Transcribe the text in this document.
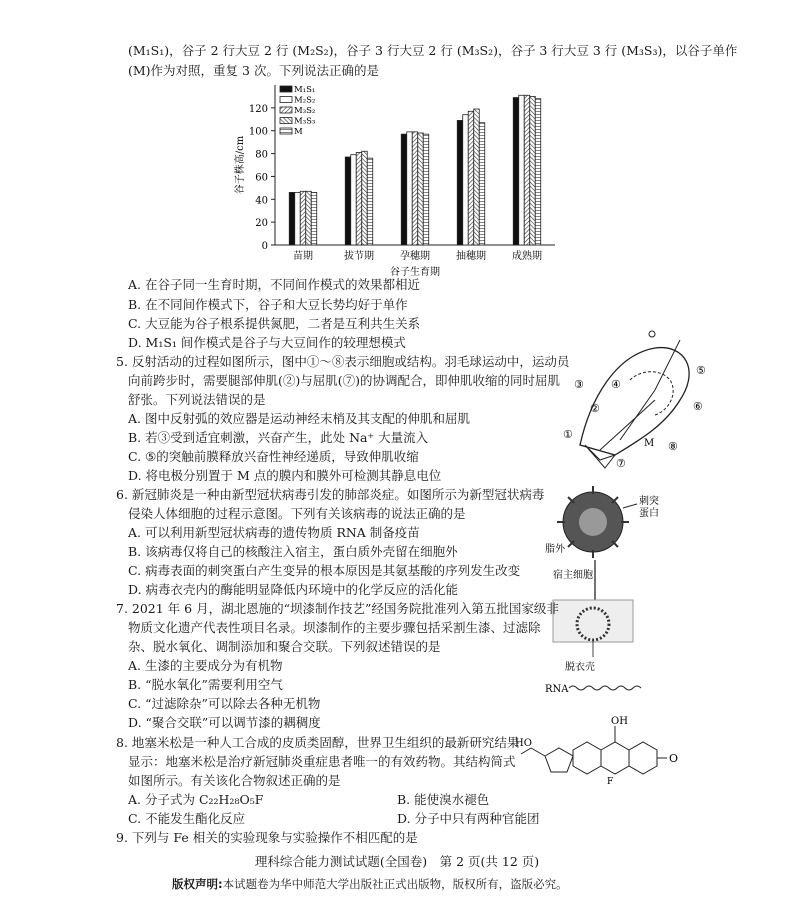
(M₁S₁)，谷子 2 行大豆 2 行 (M₂S₂)，谷子 3 行大豆 2 行 (M₃S₂)，谷子 3 行大豆 3 行 (M₃S₃)，以谷子单作
(M)作为对照，重复 3 次。下列说法正确的是
0
20
40
60
80
100
120
谷子株高/cm
苗期	拔节期	孕穗期	抽穗期	成熟期
谷子生育期
M₁S₁
M₂S₂
M₃S₂
M₃S₃
M
A. 在谷子同一生育时期，不同间作模式的效果都相近
B. 在不同间作模式下，谷子和大豆长势均好于单作
C. 大豆能为谷子根系提供氮肥，二者是互利共生关系
D. M₁S₁ 间作模式是谷子与大豆间作的较理想模式
5. 反射活动的过程如图所示，图中①～⑧表示细胞或结构。羽毛球运动中，运动员
向前跨步时，需要腿部伸肌(②)与屈肌(⑦)的协调配合，即伸肌收缩的同时屈肌
舒张。下列说法错误的是
A. 图中反射弧的效应器是运动神经末梢及其支配的伸肌和屈肌
B. 若③受到适宜刺激，兴奋产生，此处 Na⁺ 大量流入
C. ⑤的突触前膜释放兴奋性神经递质，导致伸肌收缩
D. 将电极分别置于 M 点的膜内和膜外可检测其静息电位
③
②
①
④
⑤
⑥
⑦
⑧
M
6. 新冠肺炎是一种由新型冠状病毒引发的肺部炎症。如图所示为新型冠状病毒
侵染人体细胞的过程示意图。下列有关该病毒的说法正确的是
A. 可以利用新型冠状病毒的遗传物质 RNA 制备疫苗
B. 该病毒仅将自己的核酸注入宿主，蛋白质外壳留在细胞外
C. 病毒表面的刺突蛋白产生变异的根本原因是其氨基酸的序列发生改变
D. 病毒衣壳内的酶能明显降低内环境中的化学反应的活化能
刺突
蛋白
脂外
宿主细胞
脱衣壳
RNA
7. 2021 年 6 月，湖北恩施的“坝漆制作技艺”经国务院批准列入第五批国家级非
物质文化遗产代表性项目名录。坝漆制作的主要步骤包括采割生漆、过滤除
杂、脱水氧化、调制添加和聚合交联。下列叙述错误的是
A. 生漆的主要成分为有机物
B. “脱水氧化”需要利用空气
C. “过滤除杂”可以除去各种无机物
D. “聚合交联”可以调节漆的耦稠度
8. 地塞米松是一种人工合成的皮质类固醇，世界卫生组织的最新研究结果
显示：地塞米松是治疗新冠肺炎重症患者唯一的有效药物。其结构简式
如图所示。有关该化合物叙述正确的是
A. 分子式为 C₂₂H₂₈O₅F	B. 能使溴水褪色
C. 不能发生酯化反应	D. 分子中只有两种官能团
OH
HO
O
F
9. 下列与 Fe 相关的实验现象与实验操作不相匹配的是
理科综合能力测试试题(全国卷)　第 2 页(共 12 页)
版权声明:本试题卷为华中师范大学出版社正式出版物，版权所有，盗版必究。
